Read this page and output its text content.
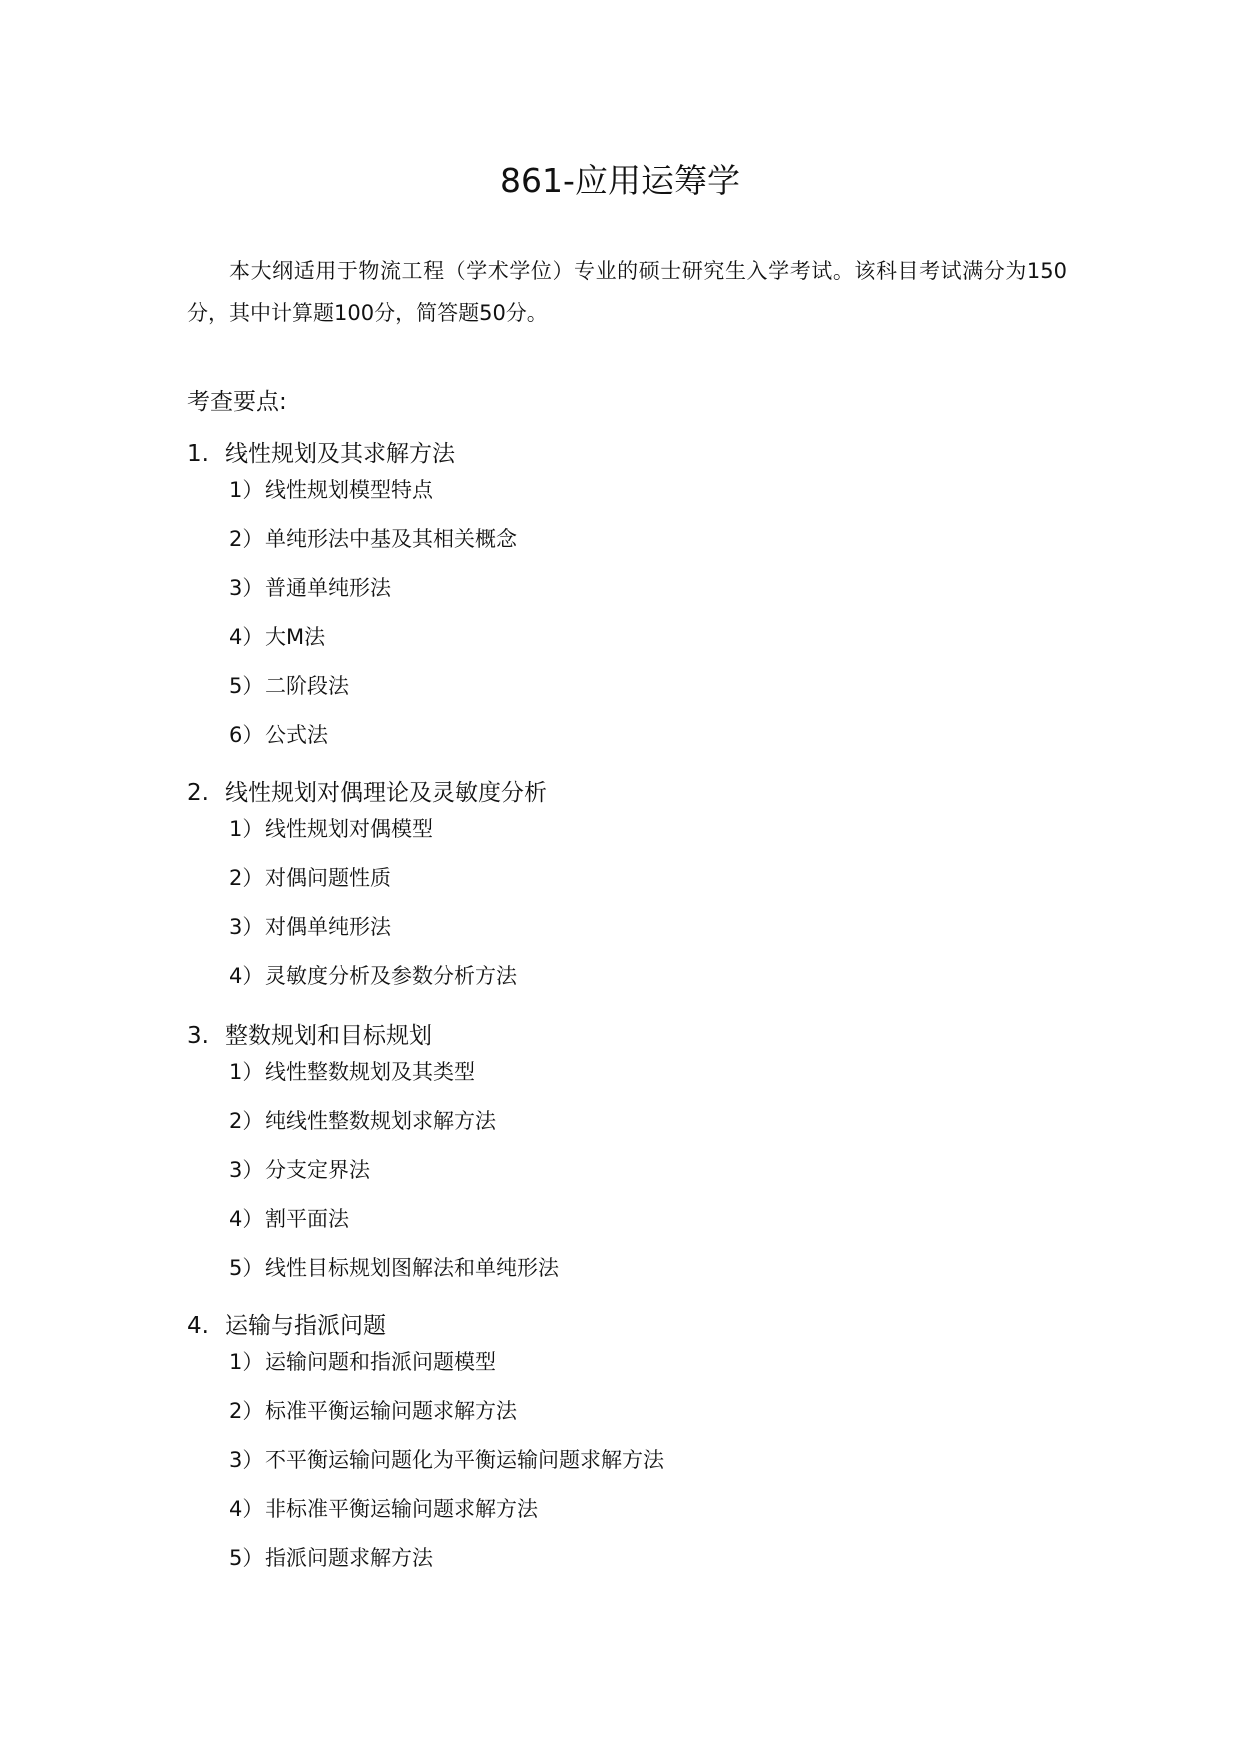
861-应用运筹学
本大纲适用于物流工程（学术学位）专业的硕士研究生入学考试。该科目考试满分为150分，其中计算题100分，简答题50分。
考查要点:
1. 线性规划及其求解方法
1） 线性规划模型特点
2） 单纯形法中基及其相关概念
3） 普通单纯形法
4） 大M法
5） 二阶段法
6） 公式法
2. 线性规划对偶理论及灵敏度分析
1） 线性规划对偶模型
2） 对偶问题性质
3） 对偶单纯形法
4） 灵敏度分析及参数分析方法
3. 整数规划和目标规划
1） 线性整数规划及其类型
2） 纯线性整数规划求解方法
3） 分支定界法
4） 割平面法
5） 线性目标规划图解法和单纯形法
4. 运输与指派问题
1） 运输问题和指派问题模型
2） 标准平衡运输问题求解方法
3） 不平衡运输问题化为平衡运输问题求解方法
4） 非标准平衡运输问题求解方法
5） 指派问题求解方法
